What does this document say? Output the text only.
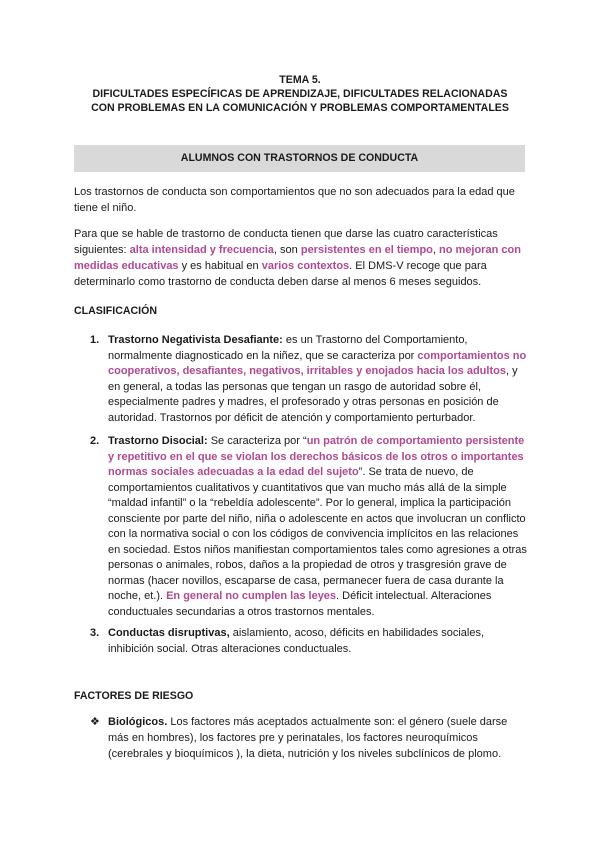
TEMA 5.
DIFICULTADES ESPECÍFICAS DE APRENDIZAJE, DIFICULTADES RELACIONADAS
CON PROBLEMAS EN LA COMUNICACIÓN Y PROBLEMAS COMPORTAMENTALES
ALUMNOS CON TRASTORNOS DE CONDUCTA
Los trastornos de conducta son comportamientos que no son adecuados para la edad que tiene el niño.
Para que se hable de trastorno de conducta tienen que darse las cuatro características siguientes: alta intensidad y frecuencia, son persistentes en el tiempo, no mejoran con medidas educativas y es habitual en varios contextos. El DMS-V recoge que para determinarlo como trastorno de conducta deben darse al menos 6 meses seguidos.
CLASIFICACIÓN
1. Trastorno Negativista Desafiante: es un Trastorno del Comportamiento, normalmente diagnosticado en la niñez, que se caracteriza por comportamientos no cooperativos, desafiantes, negativos, irritables y enojados hacia los adultos, y en general, a todas las personas que tengan un rasgo de autoridad sobre él, especialmente padres y madres, el profesorado y otras personas en posición de autoridad. Trastornos por déficit de atención y comportamiento perturbador.
2. Trastorno Disocial: Se caracteriza por “un patrón de comportamiento persistente y repetitivo en el que se violan los derechos básicos de los otros o importantes normas sociales adecuadas a la edad del sujeto”. Se trata de nuevo, de comportamientos cualitativos y cuantitativos que van mucho más allá de la simple “maldad infantil” o la “rebeldía adolescente”. Por lo general, implica la participación consciente por parte del niño, niña o adolescente en actos que involucran un conflicto con la normativa social o con los códigos de convivencia implícitos en las relaciones en sociedad. Estos niños manifiestan comportamientos tales como agresiones a otras personas o animales, robos, daños a la propiedad de otros y trasgresión grave de normas (hacer novillos, escaparse de casa, permanecer fuera de casa durante la noche, et.). En general no cumplen las leyes. Déficit intelectual. Alteraciones conductuales secundarias a otros trastornos mentales.
3. Conductas disruptivas, aislamiento, acoso, déficits en habilidades sociales, inhibición social. Otras alteraciones conductuales.
FACTORES DE RIESGO
❖ Biológicos. Los factores más aceptados actualmente son: el género (suele darse más en hombres), los factores pre y perinatales, los factores neuroquímicos (cerebrales y bioquímicos ), la dieta, nutrición y los niveles subclínicos de plomo.
